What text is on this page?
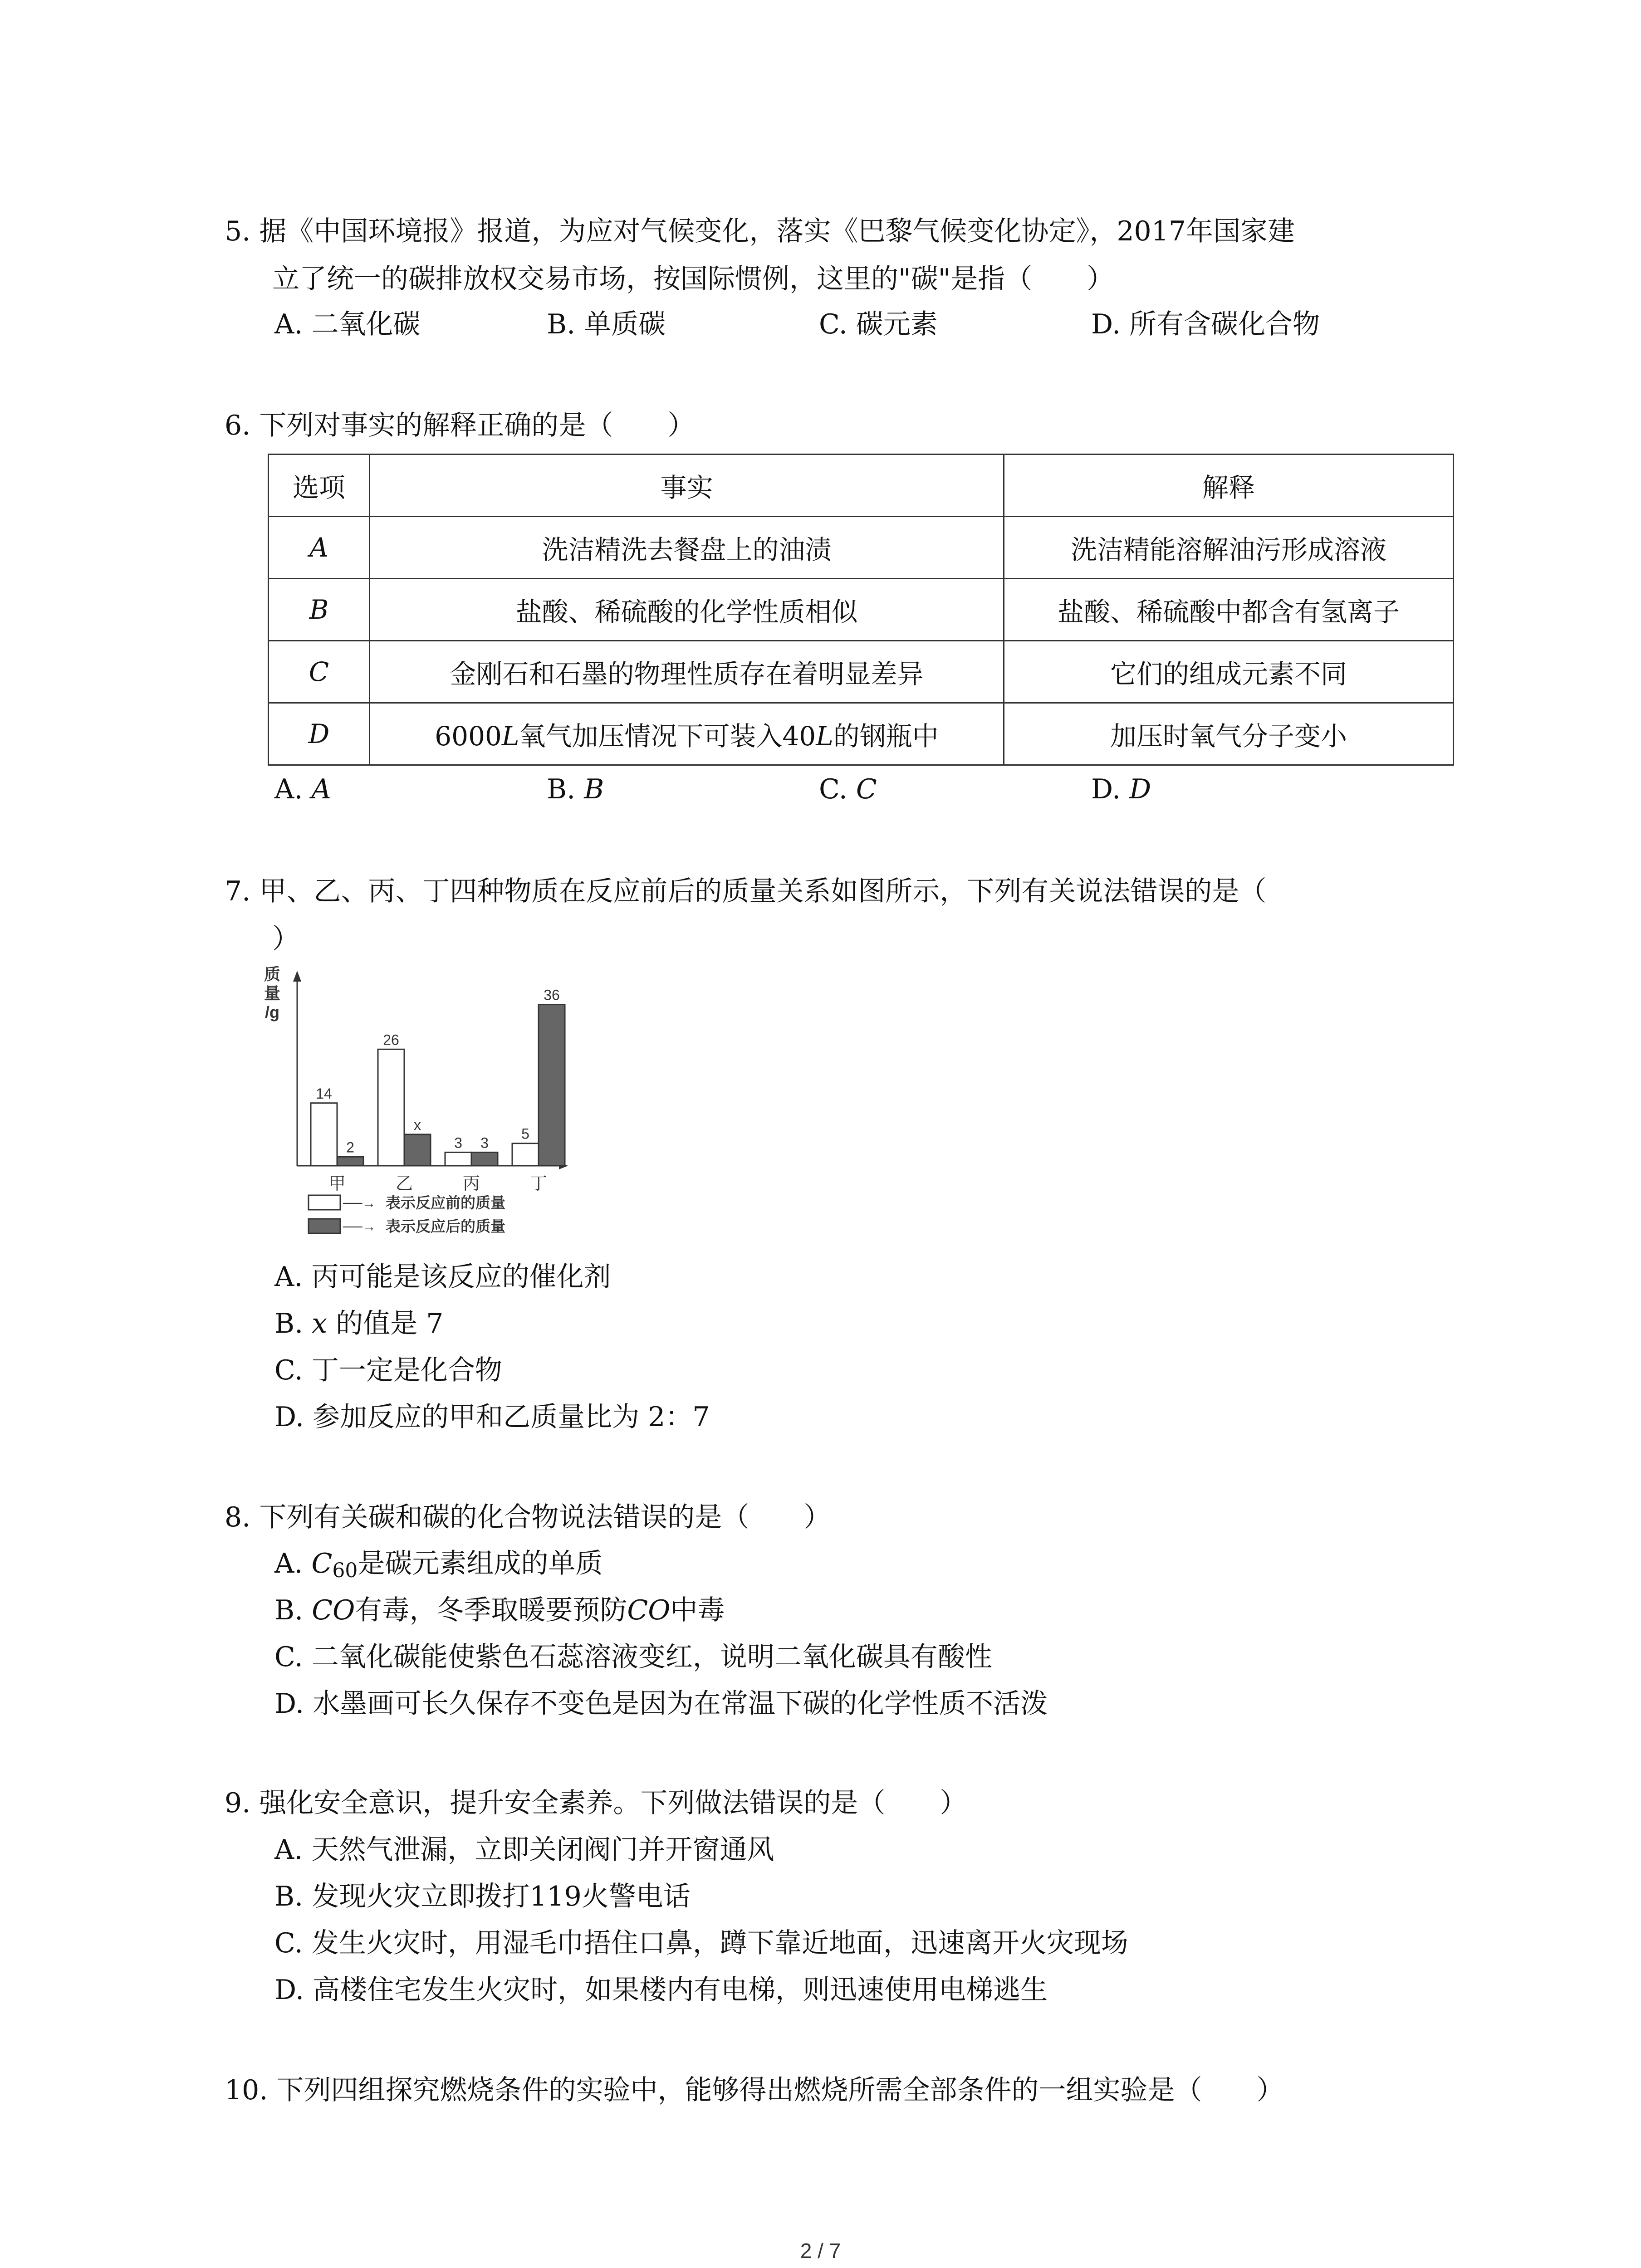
5. 据《中国环境报》报道，为应对气候变化，落实《巴黎气候变化协定》，2017年国家建
立了统一的碳排放权交易市场，按国际惯例，这里的"碳"是指（　　）
A. 二氧化碳	B. 单质碳	C. 碳元素	D. 所有含碳化合物
6. 下列对事实的解释正确的是（　　）
选项	事实	解释
A	洗洁精洗去餐盘上的油渍	洗洁精能溶解油污形成溶液
B	盐酸、稀硫酸的化学性质相似	盐酸、稀硫酸中都含有氢离子
C	金刚石和石墨的物理性质存在着明显差异	它们的组成元素不同
D	6000L氧气加压情况下可装入40L的钢瓶中	加压时氧气分子变小
A. A	B. B	C. C	D. D
7. 甲、乙、丙、丁四种物质在反应前后的质量关系如图所示，下列有关说法错误的是（
）
质
量
/g
14
2
26
x
3 3
5
36
甲	乙	丙	丁
──→ 表示反应前的质量
──→ 表示反应后的质量
A. 丙可能是该反应的催化剂
B. x 的值是 7
C. 丁一定是化合物
D. 参加反应的甲和乙质量比为 2：7
8. 下列有关碳和碳的化合物说法错误的是（　　）
A. $C_{60}$是碳元素组成的单质
B. CO有毒，冬季取暖要预防CO中毒
C. 二氧化碳能使紫色石蕊溶液变红，说明二氧化碳具有酸性
D. 水墨画可长久保存不变色是因为在常温下碳的化学性质不活泼
9. 强化安全意识，提升安全素养。下列做法错误的是（　　）
A. 天然气泄漏，立即关闭阀门并开窗通风
B. 发现火灾立即拨打119火警电话
C. 发生火灾时，用湿毛巾捂住口鼻，蹲下靠近地面，迅速离开火灾现场
D. 高楼住宅发生火灾时，如果楼内有电梯，则迅速使用电梯逃生
10. 下列四组探究燃烧条件的实验中，能够得出燃烧所需全部条件的一组实验是（　　）
2 / 7
